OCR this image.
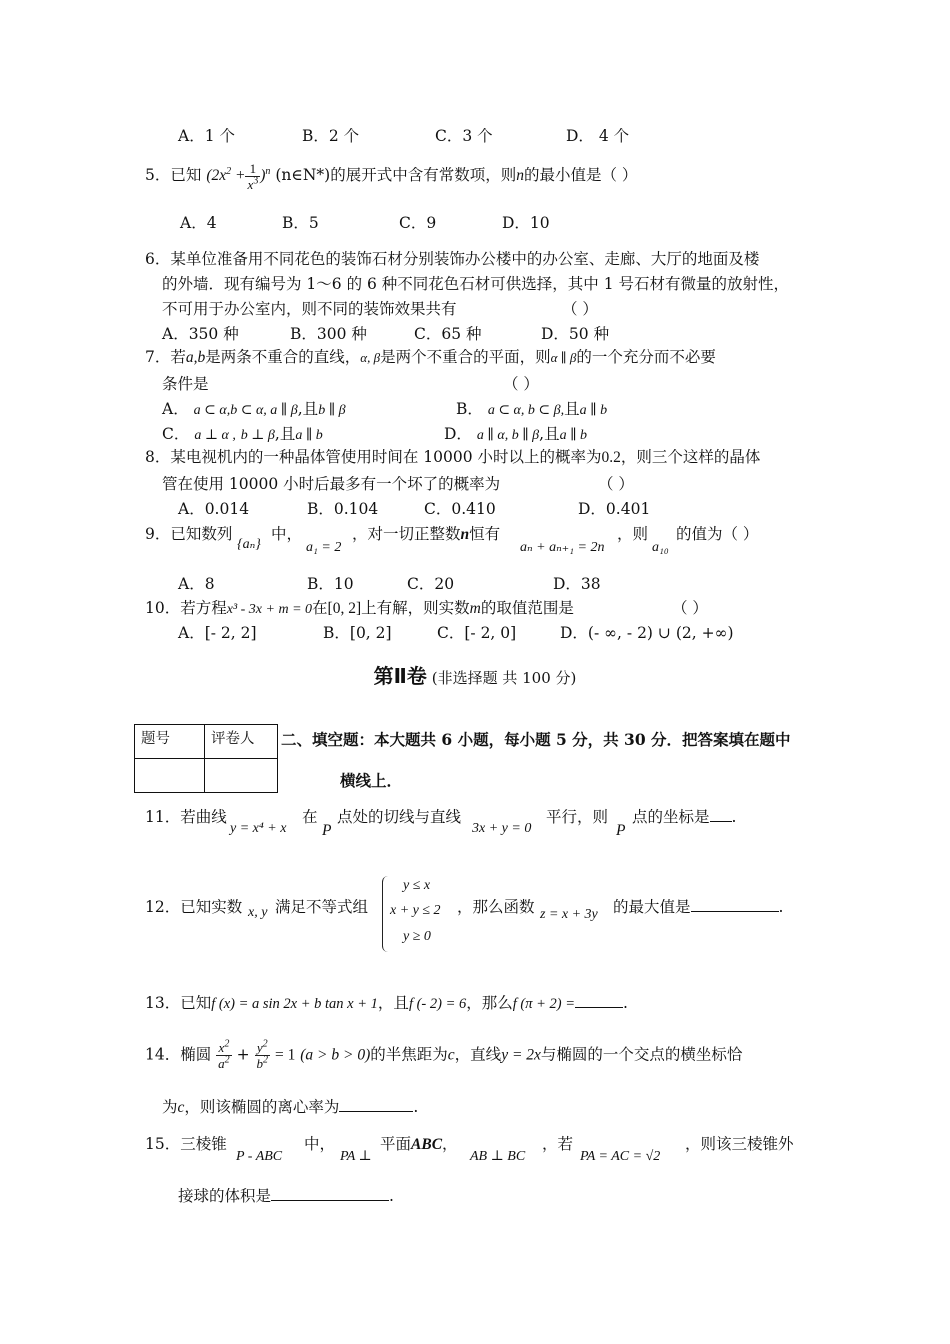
A．1 个	B．2 个	C．3 个	D． 4 个
5．已知 $(2x^2 + \frac{1}{x^3} )^n$ (n∈N*)的展开式中含有常数项，则n的最小值是（ ）
A．4	B．5	C．9	D．10
6．某单位准备用不同花色的装饰石材分别装饰办公楼中的办公室、走廊、大厅的地面及楼
的外墙．现有编号为 1～6 的 6 种不同花色石材可供选择，其中 1 号石材有微量的放射性，
不可用于办公室内，则不同的装饰效果共有	（ ）
A．350 种	B．300 种	C．65 种	D．50 种
7．若a,b是两条不重合的直线，α, β是两个不重合的平面，则α ∥ β的一个充分而不必要
条件是	（ ）
A． a ⊂ α,b ⊂ α, a ∥ β,且b ∥ β	B． a ⊂ α, b ⊂ β,且a ∥ b
C． a ⊥ α , b ⊥ β,且a ∥ b	D． a ∥ α, b ∥ β,且a ∥ b
8．某电视机内的一种晶体管使用时间在 10000 小时以上的概率为0.2，则三个这样的晶体
管在使用 10000 小时后最多有一个坏了的概率为	（ ）
A．0.014	B．0.104	C．0.410	D．0.401
9．已知数列
{aₙ}
中，
a₁ = 2
，对一切正整数n恒有
aₙ + aₙ₊₁ = 2n
，则
a₁₀
的值为（ ）
A．8	B．10	C．20	D．38
10．若方程x³ - 3x + m = 0在[0, 2]上有解，则实数m的取值范围是	（ ）
A．[- 2, 2]	B．[0, 2]	C．[- 2, 0]	D．(- ∞, - 2) ∪ (2, +∞)
第Ⅱ卷 (非选择题 共 100 分)
题号	评卷人
	二、填空题：本大题共 6 小题，每小题 5 分，共 30 分．把答案填在题中
横线上．
11．若曲线
y = x⁴ + x
在
P
点处的切线与直线
3x + y = 0
平行，则
P
点的坐标是 .
12．已知实数 x, y 满足不等式组
y ≤ x
x + y ≤ 2
y ≥ 0
，那么函数 z = x + 3y 的最大值是	.
13．已知f (x) = a sin 2x + b tan x + 1，且f (- 2) = 6，那么f (π + 2) =	.
14．椭圆 $\frac{x^2}{a^2} + \frac{y^2}{b^2} = 1$ (a > b > 0)的半焦距为c，直线y = 2x与椭圆的一个交点的横坐标恰
为c，则该椭圆的离心率为	.
15．三棱锥
P - ABC
中，
PA ⊥
平面ABC，
AB ⊥ BC
，若
PA = AC = √2
，则该三棱锥外
接球的体积是	.
